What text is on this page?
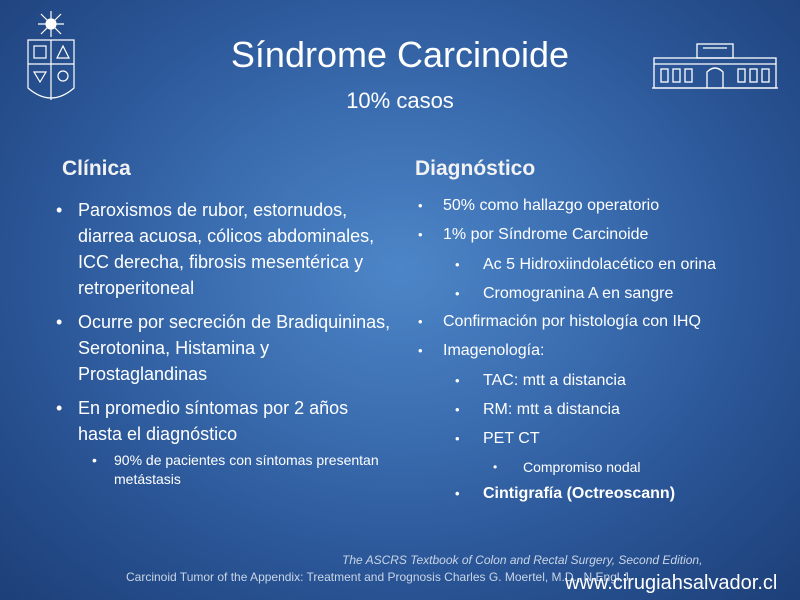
Síndrome Carcinoide
10% casos
Clínica	Diagnóstico
• Paroxismos de rubor, estornudos, diarrea acuosa, cólicos abdominales, ICC derecha, fibrosis mesentérica y retroperitoneal
• Ocurre por secreción de Bradiquininas, Serotonina, Histamina y Prostaglandinas
• En promedio síntomas por 2 años hasta el diagnóstico
• 90% de pacientes con síntomas presentan metástasis
• 50% como hallazgo operatorio
• 1% por Síndrome Carcinoide
• Ac 5 Hidroxiindolacético en orina
• Cromogranina A en sangre
• Confirmación por histología con IHQ
• Imagenología:
• TAC: mtt a distancia
• RM: mtt a distancia
• PET CT
• Compromiso nodal
• Cintigrafía (Octreoscann)
The ASCRS Textbook of Colon and Rectal Surgery, Second Edition,
Carcinoid Tumor of the Appendix: Treatment and Prognosis Charles G. Moertel, M.D., N Engl J
www.cirugiahsalvador.cl
